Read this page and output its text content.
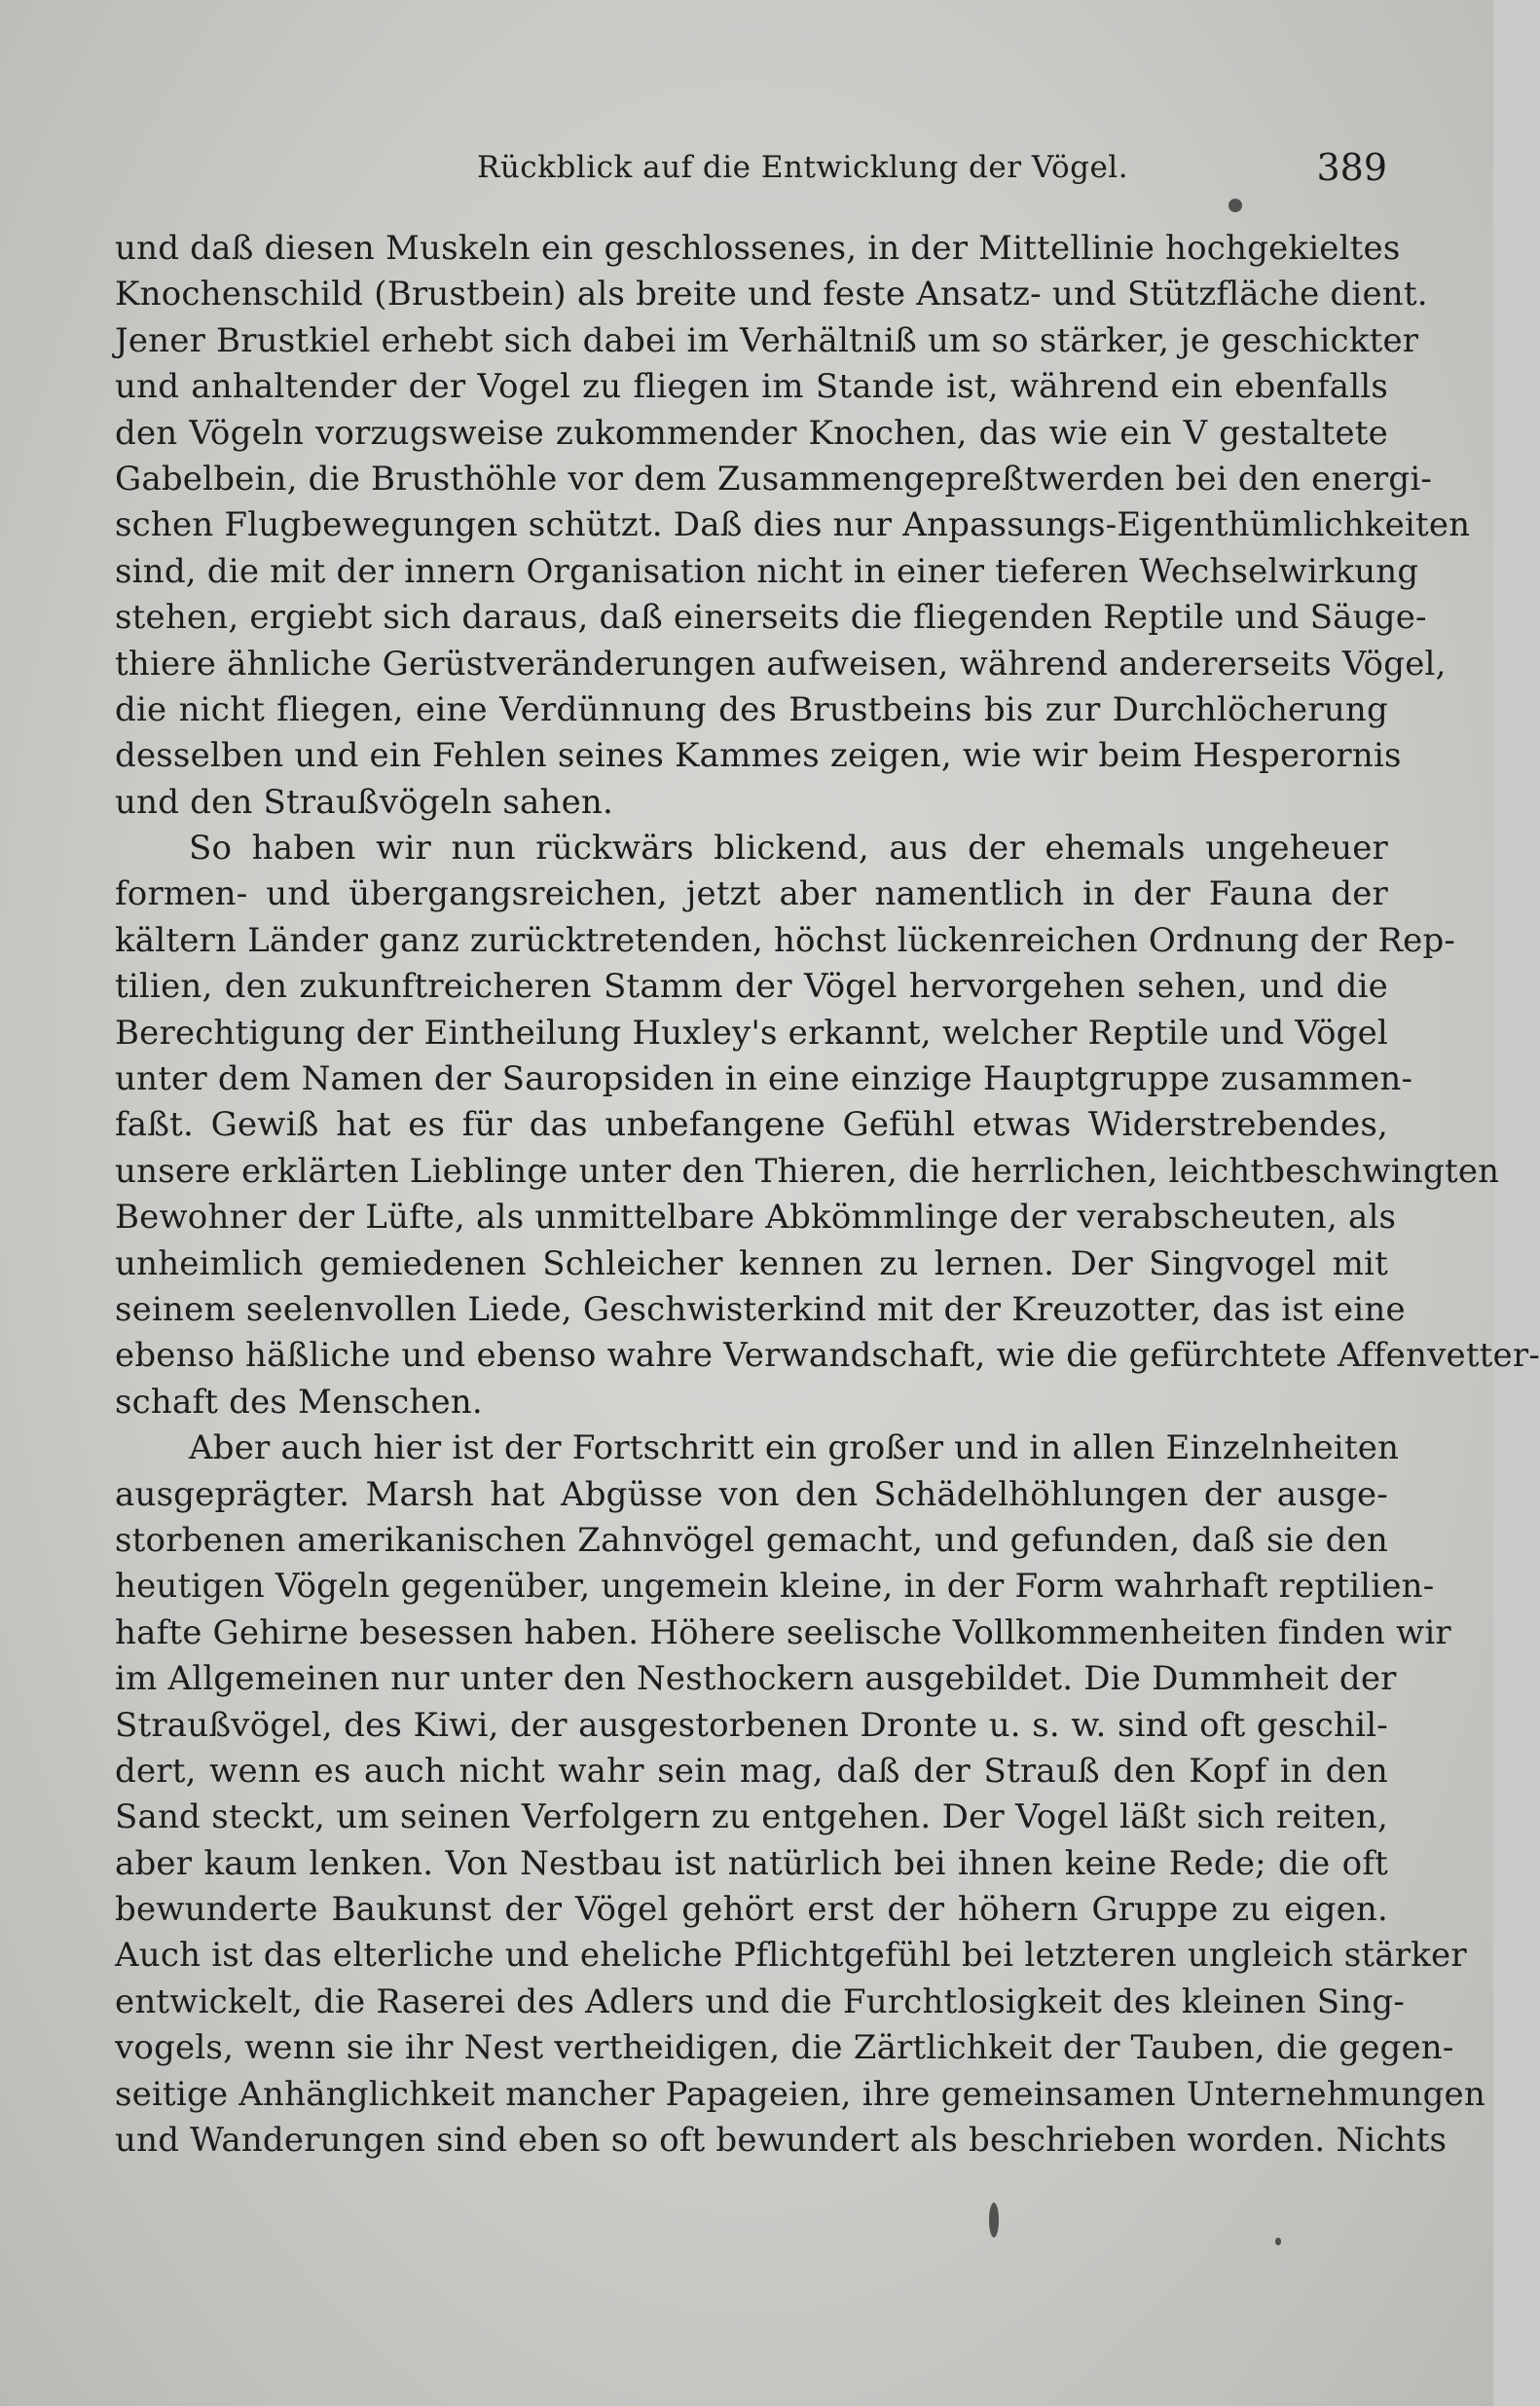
Rückblick auf die Entwicklung der Vögel.	389
und daß diesen Muskeln ein geschlossenes, in der Mittellinie hochgekieltes
Knochenschild (Brustbein) als breite und feste Ansatz- und Stützfläche dient.
Jener Brustkiel erhebt sich dabei im Verhältniß um so stärker, je geschickter
und anhaltender der Vogel zu fliegen im Stande ist, während ein ebenfalls
den Vögeln vorzugsweise zukommender Knochen, das wie ein V gestaltete
Gabelbein, die Brusthöhle vor dem Zusammengepreßtwerden bei den energi-
schen Flugbewegungen schützt. Daß dies nur Anpassungs-Eigenthümlichkeiten
sind, die mit der innern Organisation nicht in einer tieferen Wechselwirkung
stehen, ergiebt sich daraus, daß einerseits die fliegenden Reptile und Säuge-
thiere ähnliche Gerüstveränderungen aufweisen, während andererseits Vögel,
die nicht fliegen, eine Verdünnung des Brustbeins bis zur Durchlöcherung
desselben und ein Fehlen seines Kammes zeigen, wie wir beim Hesperornis
und den Straußvögeln sahen.
So haben wir nun rückwärs blickend, aus der ehemals ungeheuer
formen- und übergangsreichen, jetzt aber namentlich in der Fauna der
kältern Länder ganz zurücktretenden, höchst lückenreichen Ordnung der Rep-
tilien, den zukunftreicheren Stamm der Vögel hervorgehen sehen, und die
Berechtigung der Eintheilung Huxley's erkannt, welcher Reptile und Vögel
unter dem Namen der Sauropsiden in eine einzige Hauptgruppe zusammen-
faßt. Gewiß hat es für das unbefangene Gefühl etwas Widerstrebendes,
unsere erklärten Lieblinge unter den Thieren, die herrlichen, leichtbeschwingten
Bewohner der Lüfte, als unmittelbare Abkömmlinge der verabscheuten, als
unheimlich gemiedenen Schleicher kennen zu lernen. Der Singvogel mit
seinem seelenvollen Liede, Geschwisterkind mit der Kreuzotter, das ist eine
ebenso häßliche und ebenso wahre Verwandschaft, wie die gefürchtete Affenvetter-
schaft des Menschen.
Aber auch hier ist der Fortschritt ein großer und in allen Einzelnheiten
ausgeprägter. Marsh hat Abgüsse von den Schädelhöhlungen der ausge-
storbenen amerikanischen Zahnvögel gemacht, und gefunden, daß sie den
heutigen Vögeln gegenüber, ungemein kleine, in der Form wahrhaft reptilien-
hafte Gehirne besessen haben. Höhere seelische Vollkommenheiten finden wir
im Allgemeinen nur unter den Nesthockern ausgebildet. Die Dummheit der
Straußvögel, des Kiwi, der ausgestorbenen Dronte u. s. w. sind oft geschil-
dert, wenn es auch nicht wahr sein mag, daß der Strauß den Kopf in den
Sand steckt, um seinen Verfolgern zu entgehen. Der Vogel läßt sich reiten,
aber kaum lenken. Von Nestbau ist natürlich bei ihnen keine Rede; die oft
bewunderte Baukunst der Vögel gehört erst der höhern Gruppe zu eigen.
Auch ist das elterliche und eheliche Pflichtgefühl bei letzteren ungleich stärker
entwickelt, die Raserei des Adlers und die Furchtlosigkeit des kleinen Sing-
vogels, wenn sie ihr Nest vertheidigen, die Zärtlichkeit der Tauben, die gegen-
seitige Anhänglichkeit mancher Papageien, ihre gemeinsamen Unternehmungen
und Wanderungen sind eben so oft bewundert als beschrieben worden. Nichts
